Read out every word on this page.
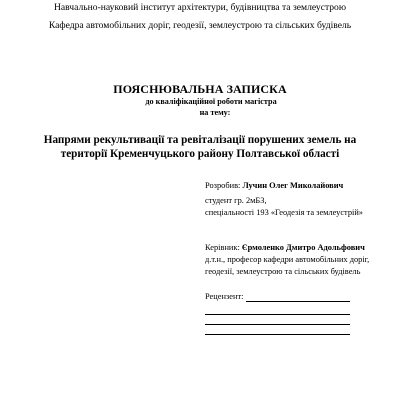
Навчально-науковий інститут архітектури, будівництва та землеустрою
Кафедра автомобільних доріг, геодезії, землеустрою та сільських будівель
ПОЯСНЮВАЛЬНА ЗАПИСКА
до кваліфікаційної роботи магістра
на тему:
Напрями рекультивації та ревіталізації порушених земель на
території Кременчуцького району Полтавської області
Розробив: Лучин Олег Миколайович
студент гр. 2мБЗ,
спеціальності 193 «Геодезія та землеустрій»
Керівник: Єрмоленко Дмитро Адольфович
д.т.н., професор кафедри автомобільних доріг,
геодезії, землеустрою та сільських будівель
Рецензент:
